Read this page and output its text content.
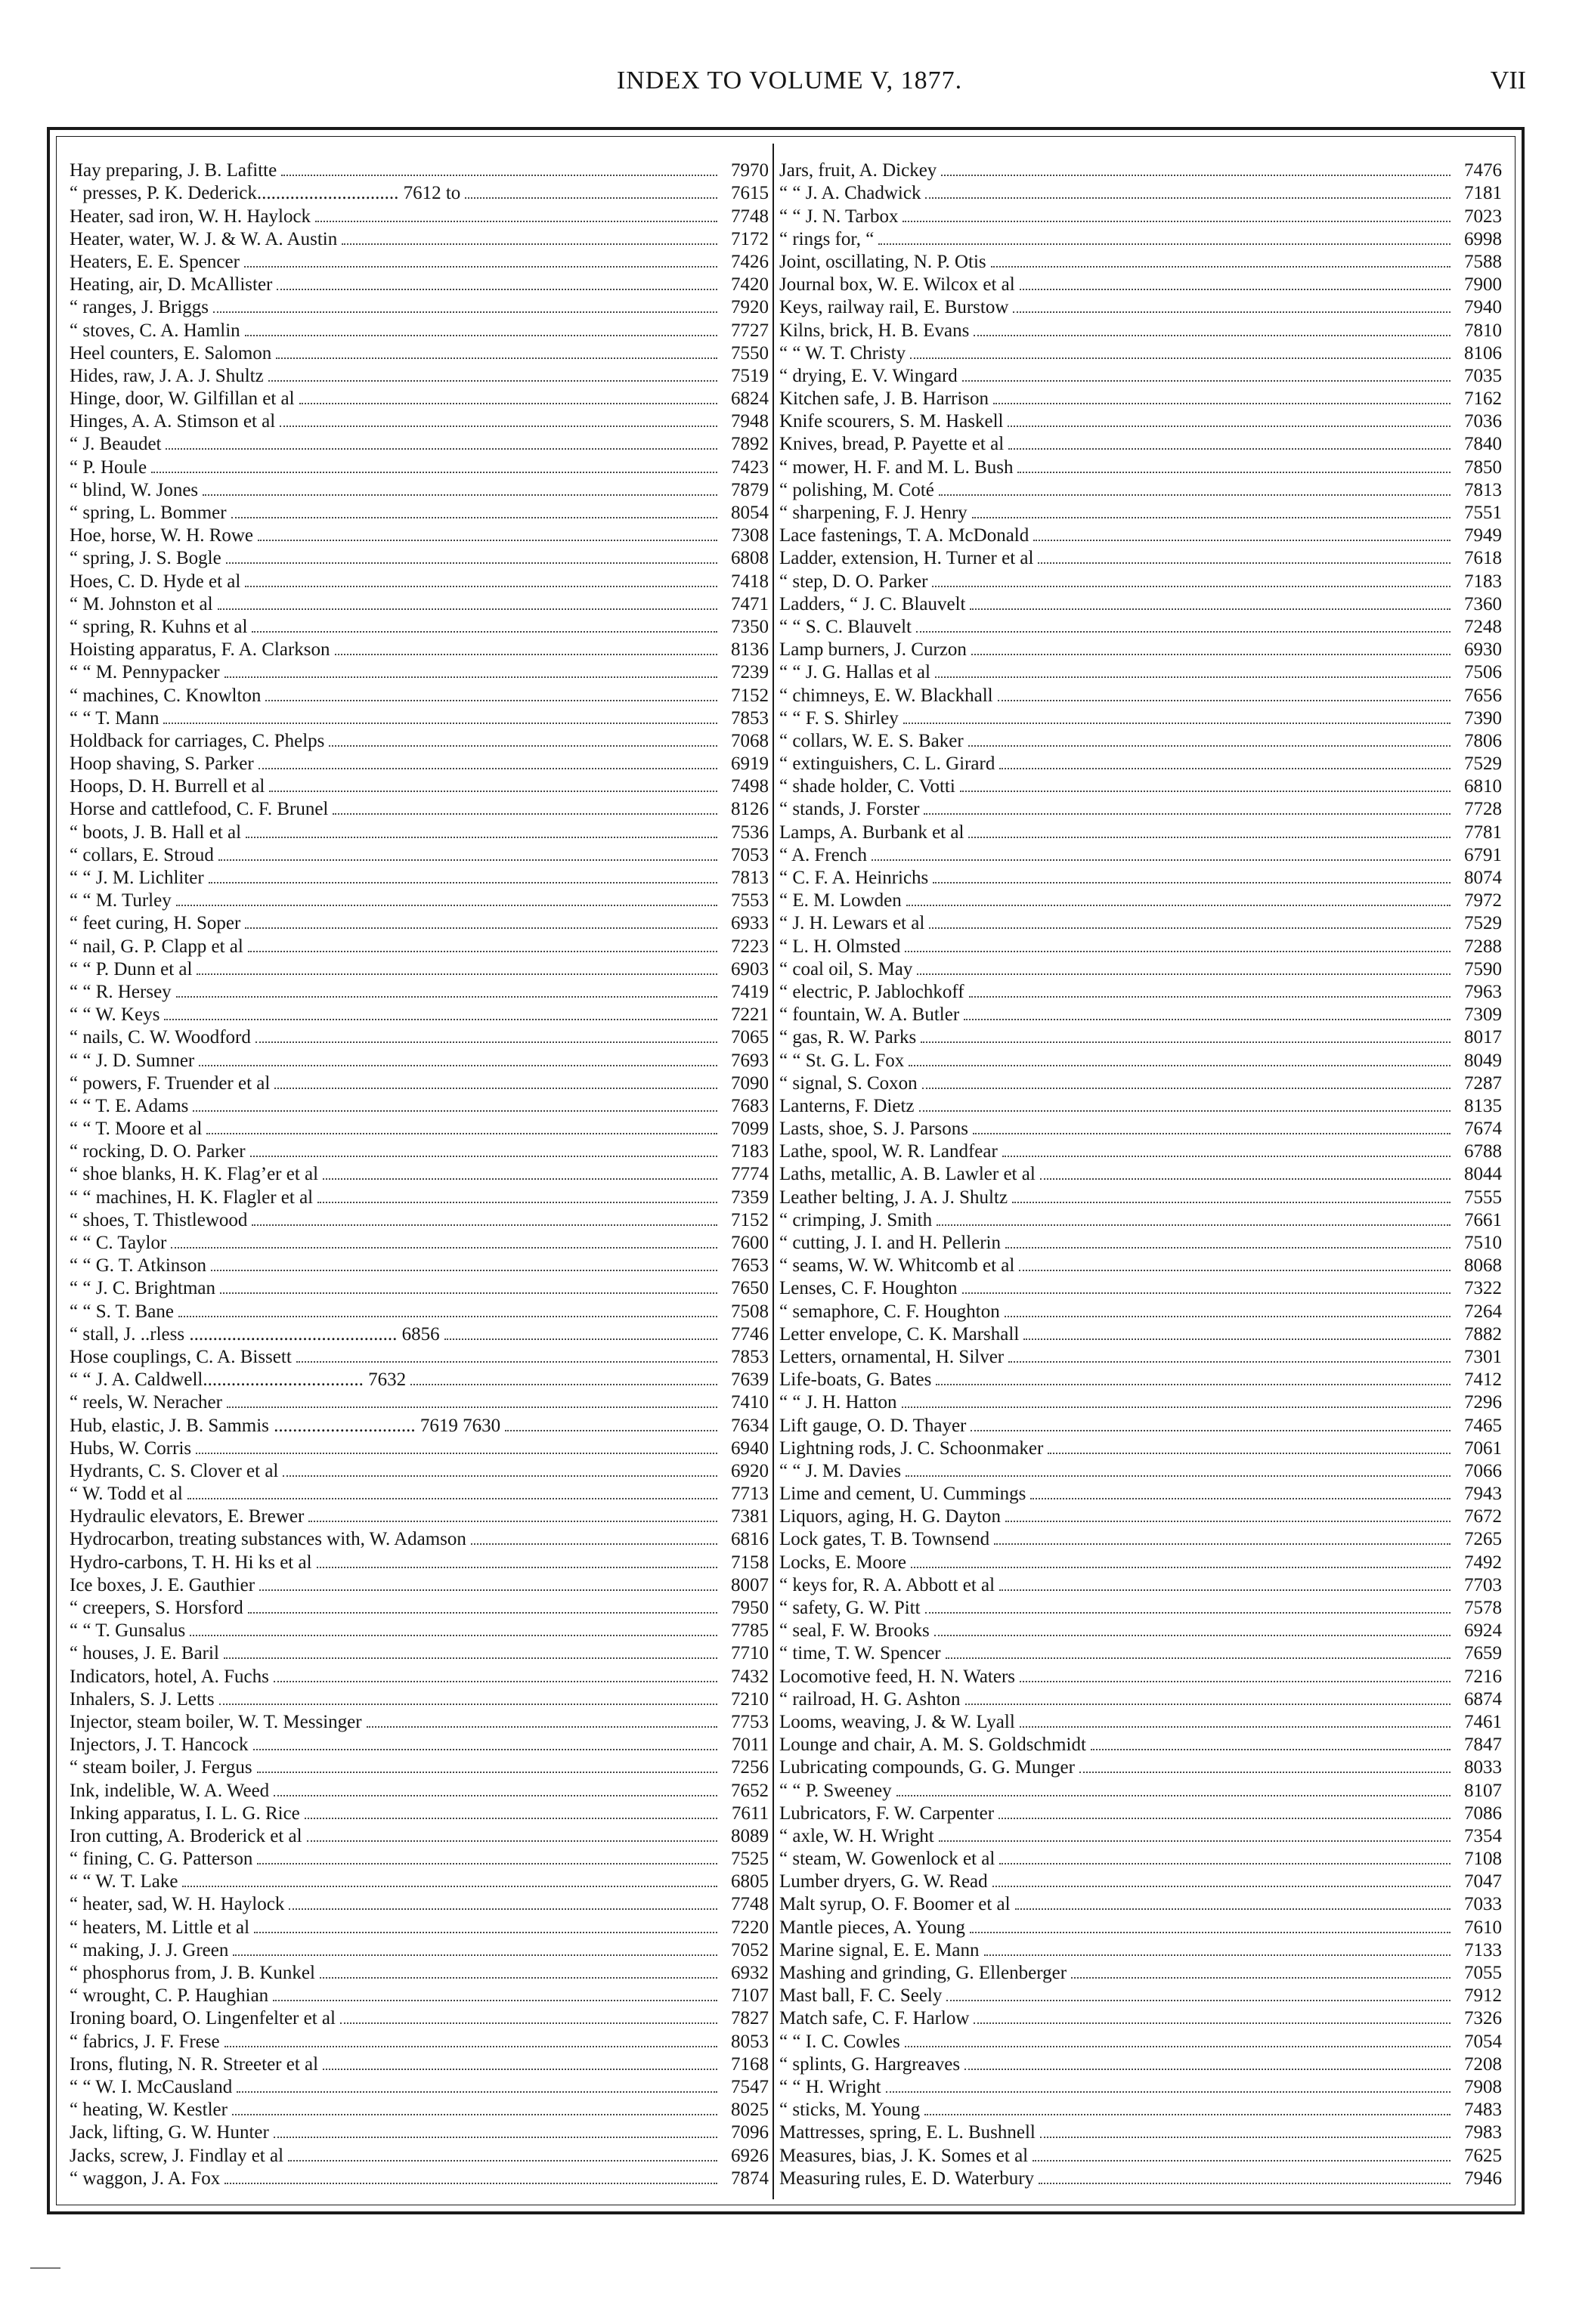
INDEX TO VOLUME V, 1877.	VII
Hay preparing, J. B. Lafitte	7970
“ presses, P. K. Dederick.............................. 7612 to	7615
Heater, sad iron, W. H. Haylock	7748
Heater, water, W. J. & W. A. Austin	7172
Heaters, E. E. Spencer	7426
Heating, air, D. McAllister	7420
“ ranges, J. Briggs	7920
“ stoves, C. A. Hamlin	7727
Heel counters, E. Salomon	7550
Hides, raw, J. A. J. Shultz	7519
Hinge, door, W. Gilfillan et al	6824
Hinges, A. A. Stimson et al	7948
“ J. Beaudet	7892
“ P. Houle	7423
“ blind, W. Jones	7879
“ spring, L. Bommer	8054
Hoe, horse, W. H. Rowe	7308
“ spring, J. S. Bogle	6808
Hoes, C. D. Hyde et al	7418
“ M. Johnston et al	7471
“ spring, R. Kuhns et al	7350
Hoisting apparatus, F. A. Clarkson	8136
“ “ M. Pennypacker	7239
“ machines, C. Knowlton	7152
“ “ T. Mann	7853
Holdback for carriages, C. Phelps	7068
Hoop shaving, S. Parker	6919
Hoops, D. H. Burrell et al	7498
Horse and cattlefood, C. F. Brunel	8126
“ boots, J. B. Hall et al	7536
“ collars, E. Stroud	7053
“ “ J. M. Lichliter	7813
“ “ M. Turley	7553
“ feet curing, H. Soper	6933
“ nail, G. P. Clapp et al	7223
“ “ P. Dunn et al	6903
“ “ R. Hersey	7419
“ “ W. Keys	7221
“ nails, C. W. Woodford	7065
“ “ J. D. Sumner	7693
“ powers, F. Truender et al	7090
“ “ T. E. Adams	7683
“ “ T. Moore et al	7099
“ rocking, D. O. Parker	7183
“ shoe blanks, H. K. Flag’er et al	7774
“ “ machines, H. K. Flagler et al	7359
“ shoes, T. Thistlewood	7152
“ “ C. Taylor	7600
“ “ G. T. Atkinson	7653
“ “ J. C. Brightman	7650
“ “ S. T. Bane	7508
“ stall, J. ..rless ............................................ 6856	7746
Hose couplings, C. A. Bissett	7853
“ “ J. A. Caldwell.................................. 7632	7639
“ reels, W. Neracher	7410
Hub, elastic, J. B. Sammis .............................. 7619 7630	7634
Hubs, W. Corris	6940
Hydrants, C. S. Clover et al	6920
“ W. Todd et al	7713
Hydraulic elevators, E. Brewer	7381
Hydrocarbon, treating substances with, W. Adamson	6816
Hydro-carbons, T. H. Hi ks et al	7158
Ice boxes, J. E. Gauthier	8007
“ creepers, S. Horsford	7950
“ “ T. Gunsalus	7785
“ houses, J. E. Baril	7710
Indicators, hotel, A. Fuchs	7432
Inhalers, S. J. Letts	7210
Injector, steam boiler, W. T. Messinger	7753
Injectors, J. T. Hancock	7011
“ steam boiler, J. Fergus	7256
Ink, indelible, W. A. Weed	7652
Inking apparatus, I. L. G. Rice	7611
Iron cutting, A. Broderick et al	8089
“ fining, C. G. Patterson	7525
“ “ W. T. Lake	6805
“ heater, sad, W. H. Haylock	7748
“ heaters, M. Little et al	7220
“ making, J. J. Green	7052
“ phosphorus from, J. B. Kunkel	6932
“ wrought, C. P. Haughian	7107
Ironing board, O. Lingenfelter et al	7827
“ fabrics, J. F. Frese	8053
Irons, fluting, N. R. Streeter et al	7168
“ “ W. I. McCausland	7547
“ heating, W. Kestler	8025
Jack, lifting, G. W. Hunter	7096
Jacks, screw, J. Findlay et al	6926
“ waggon, J. A. Fox	7874
Jars, fruit, A. Dickey	7476
“ “ J. A. Chadwick	7181
“ “ J. N. Tarbox	7023
“ rings for, “	6998
Joint, oscillating, N. P. Otis	7588
Journal box, W. E. Wilcox et al	7900
Keys, railway rail, E. Burstow	7940
Kilns, brick, H. B. Evans	7810
“ “ W. T. Christy	8106
“ drying, E. V. Wingard	7035
Kitchen safe, J. B. Harrison	7162
Knife scourers, S. M. Haskell	7036
Knives, bread, P. Payette et al	7840
“ mower, H. F. and M. L. Bush	7850
“ polishing, M. Coté	7813
“ sharpening, F. J. Henry	7551
Lace fastenings, T. A. McDonald	7949
Ladder, extension, H. Turner et al	7618
“ step, D. O. Parker	7183
Ladders, “ J. C. Blauvelt	7360
“ “ S. C. Blauvelt	7248
Lamp burners, J. Curzon	6930
“ “ J. G. Hallas et al	7506
“ chimneys, E. W. Blackhall	7656
“ “ F. S. Shirley	7390
“ collars, W. E. S. Baker	7806
“ extinguishers, C. L. Girard	7529
“ shade holder, C. Votti	6810
“ stands, J. Forster	7728
Lamps, A. Burbank et al	7781
“ A. French	6791
“ C. F. A. Heinrichs	8074
“ E. M. Lowden	7972
“ J. H. Lewars et al	7529
“ L. H. Olmsted	7288
“ coal oil, S. May	7590
“ electric, P. Jablochkoff	7963
“ fountain, W. A. Butler	7309
“ gas, R. W. Parks	8017
“ “ St. G. L. Fox	8049
“ signal, S. Coxon	7287
Lanterns, F. Dietz	8135
Lasts, shoe, S. J. Parsons	7674
Lathe, spool, W. R. Landfear	6788
Laths, metallic, A. B. Lawler et al	8044
Leather belting, J. A. J. Shultz	7555
“ crimping, J. Smith	7661
“ cutting, J. I. and H. Pellerin	7510
“ seams, W. W. Whitcomb et al	8068
Lenses, C. F. Houghton	7322
“ semaphore, C. F. Houghton	7264
Letter envelope, C. K. Marshall	7882
Letters, ornamental, H. Silver	7301
Life-boats, G. Bates	7412
“ “ J. H. Hatton	7296
Lift gauge, O. D. Thayer	7465
Lightning rods, J. C. Schoonmaker	7061
“ “ J. M. Davies	7066
Lime and cement, U. Cummings	7943
Liquors, aging, H. G. Dayton	7672
Lock gates, T. B. Townsend	7265
Locks, E. Moore	7492
“ keys for, R. A. Abbott et al	7703
“ safety, G. W. Pitt	7578
“ seal, F. W. Brooks	6924
“ time, T. W. Spencer	7659
Locomotive feed, H. N. Waters	7216
“ railroad, H. G. Ashton	6874
Looms, weaving, J. & W. Lyall	7461
Lounge and chair, A. M. S. Goldschmidt	7847
Lubricating compounds, G. G. Munger	8033
“ “ P. Sweeney	8107
Lubricators, F. W. Carpenter	7086
“ axle, W. H. Wright	7354
“ steam, W. Gowenlock et al	7108
Lumber dryers, G. W. Read	7047
Malt syrup, O. F. Boomer et al	7033
Mantle pieces, A. Young	7610
Marine signal, E. E. Mann	7133
Mashing and grinding, G. Ellenberger	7055
Mast ball, F. C. Seely	7912
Match safe, C. F. Harlow	7326
“ “ I. C. Cowles	7054
“ splints, G. Hargreaves	7208
“ “ H. Wright	7908
“ sticks, M. Young	7483
Mattresses, spring, E. L. Bushnell	7983
Measures, bias, J. K. Somes et al	7625
Measuring rules, E. D. Waterbury	7946
